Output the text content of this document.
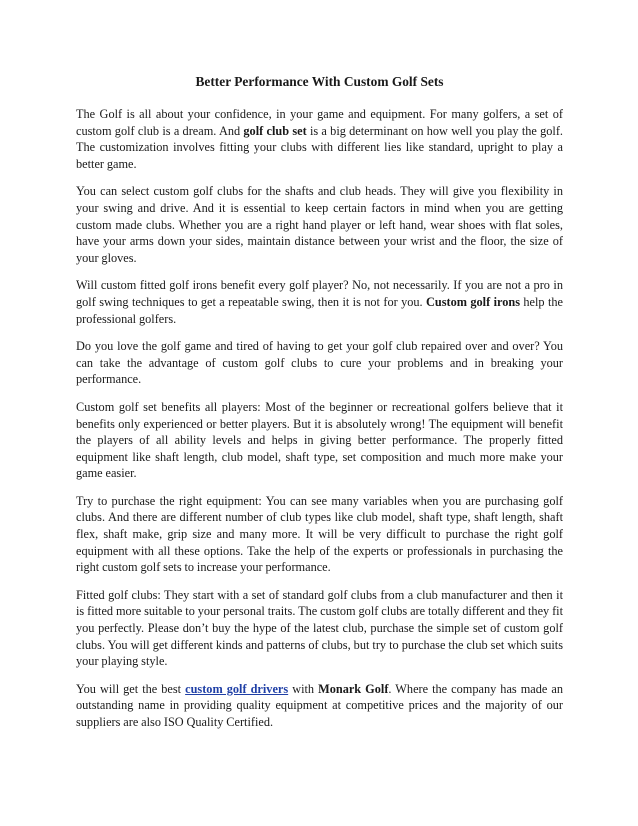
Better Performance With Custom Golf Sets

The Golf is all about your confidence, in your game and equipment. For many golfers, a set of custom golf club is a dream. And golf club set is a big determinant on how well you play the golf. The customization involves fitting your clubs with different lies like standard, upright to play a better game.

You can select custom golf clubs for the shafts and club heads. They will give you flexibility in your swing and drive. And it is essential to keep certain factors in mind when you are getting custom made clubs. Whether you are a right hand player or left hand, wear shoes with flat soles, have your arms down your sides, maintain distance between your wrist and the floor, the size of your gloves.

Will custom fitted golf irons benefit every golf player? No, not necessarily. If you are not a pro in golf swing techniques to get a repeatable swing, then it is not for you. Custom golf irons help the professional golfers.

Do you love the golf game and tired of having to get your golf club repaired over and over? You can take the advantage of custom golf clubs to cure your problems and in breaking your performance.

Custom golf set benefits all players: Most of the beginner or recreational golfers believe that it benefits only experienced or better players. But it is absolutely wrong! The equipment will benefit the players of all ability levels and helps in giving better performance. The properly fitted equipment like shaft length, club model, shaft type, set composition and much more make your game easier.

Try to purchase the right equipment: You can see many variables when you are purchasing golf clubs. And there are different number of club types like club model, shaft type, shaft length, shaft flex, shaft make, grip size and many more. It will be very difficult to purchase the right golf equipment with all these options. Take the help of the experts or professionals in purchasing the right custom golf sets to increase your performance.

Fitted golf clubs: They start with a set of standard golf clubs from a club manufacturer and then it is fitted more suitable to your personal traits. The custom golf clubs are totally different and they fit you perfectly. Please don’t buy the hype of the latest club, purchase the simple set of custom golf clubs. You will get different kinds and patterns of clubs, but try to purchase the club set which suits your playing style.

You will get the best custom golf drivers with Monark Golf. Where the company has made an outstanding name in providing quality equipment at competitive prices and the majority of our suppliers are also ISO Quality Certified.
